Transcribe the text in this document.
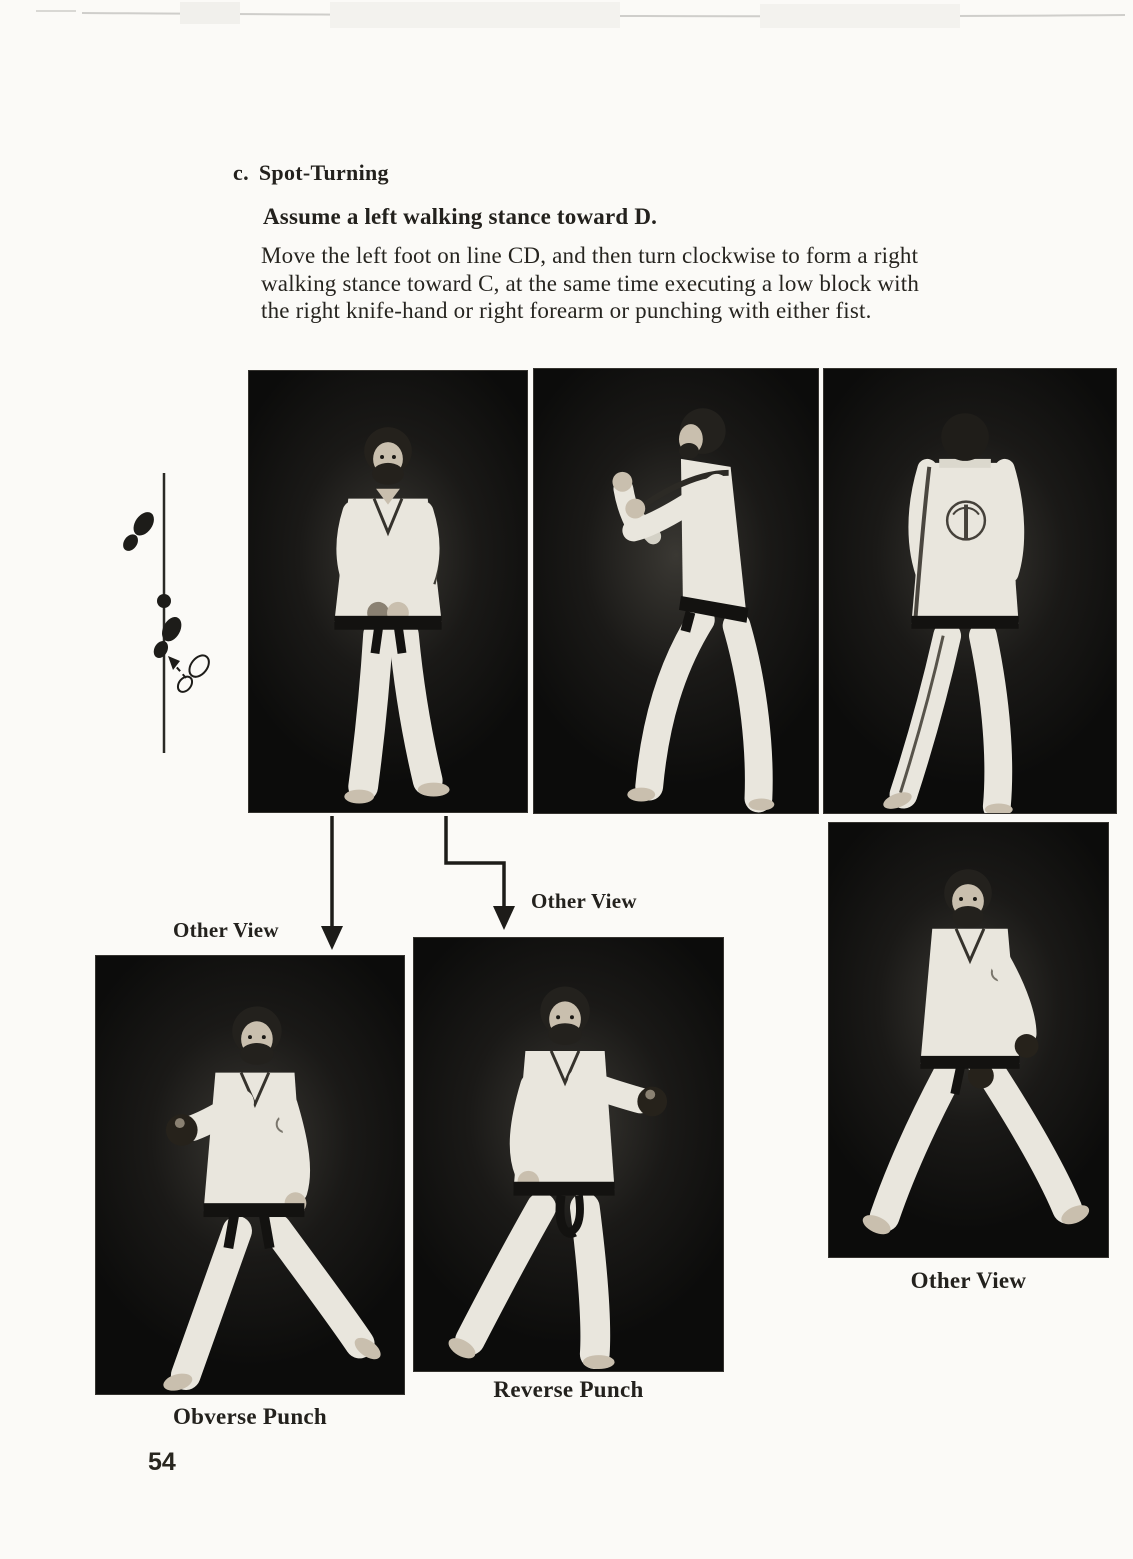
c. Spot-Turning
Assume a left walking stance toward D.
Move the left foot on line CD, and then turn clockwise to form a right
walking stance toward C, at the same time executing a low block with
the right knife-hand or right forearm or punching with either fist.
Other View
Other View
Obverse Punch
Reverse Punch
Other View
54
